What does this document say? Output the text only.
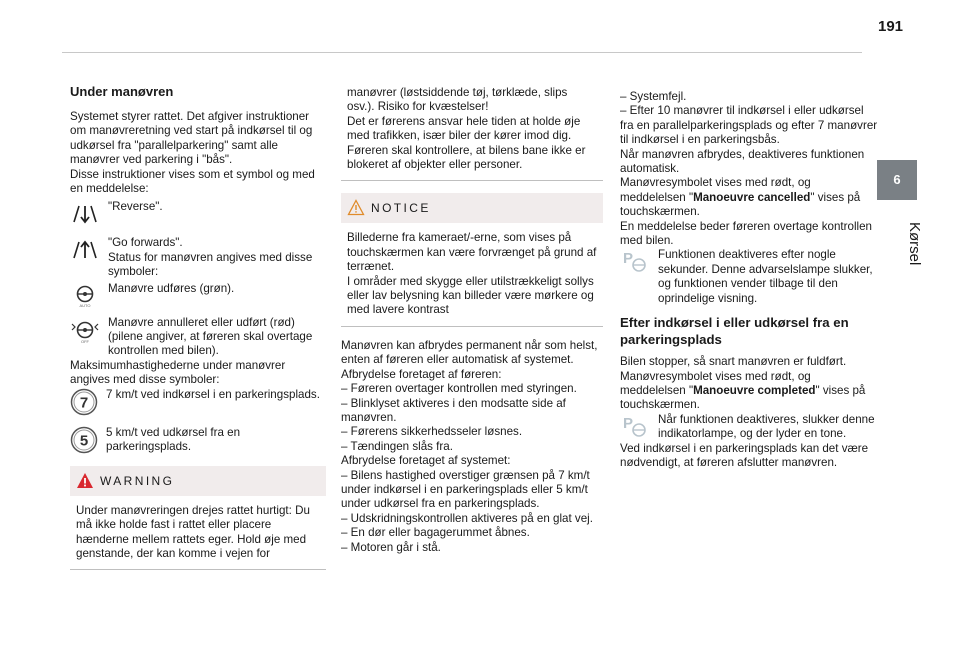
191
6
Kørsel
Under manøvren

Systemet styrer rattet. Det afgiver instruktioner om manøvreretning ved start på indkørsel til og udkørsel fra "parallelparkering" samt alle manøvrer ved parkering i "bås".

Disse instruktioner vises som et symbol og med en meddelelse:

"Reverse".

"Go forwards".

Status for manøvren angives med disse symboler:

AUTO

Manøvre udføres (grøn).

OFF

Manøvre annulleret eller udført (rød) (pilene angiver, at føreren skal overtage kontrollen med bilen).

Maksimumhastighederne under manøvrer angives med disse symboler:

7 7 km/t ved indkørsel i en parkeringsplads.

5 5 km/t ved udkørsel fra en parkeringsplads.

WARNING

Under manøvreringen drejes rattet hurtigt: Du må ikke holde fast i rattet eller placere hænderne mellem rattets eger. Hold øje med genstande, der kan komme i vejen for

manøvrer (løstsiddende tøj, tørklæde, slips osv.). Risiko for kvæstelser!

Det er førerens ansvar hele tiden at holde øje med trafikken, især biler der kører imod dig.

Føreren skal kontrollere, at bilens bane ikke er blokeret af objekter eller personer.

NOTICE

Billederne fra kameraet/-erne, som vises på touchskærmen kan være forvrænget på grund af terrænet.

I områder med skygge eller utilstrækkeligt sollys eller lav belysning kan billeder være mørkere og med lavere kontrast

Manøvren kan afbrydes permanent når som helst, enten af føreren eller automatisk af systemet.

Afbrydelse foretaget af føreren:

– Føreren overtager kontrollen med styringen.

– Blinklyset aktiveres i den modsatte side af manøvren.

– Førerens sikkerhedsseler løsnes.

– Tændingen slås fra.

Afbrydelse foretaget af systemet:

– Bilens hastighed overstiger grænsen på 7 km/t under indkørsel i en parkeringsplads eller 5 km/t under udkørsel fra en parkeringsplads.

– Udskridningskontrollen aktiveres på en glat vej.

– En dør eller bagagerummet åbnes.

– Motoren går i stå.

– Systemfejl.

– Efter 10 manøvrer til indkørsel i eller udkørsel fra en parallelparkeringsplads og efter 7 manøvrer til indkørsel i en parkeringsbås.

Når manøvren afbrydes, deaktiveres funktionen automatisk.

Manøvresymbolet vises med rødt, og meddelelsen "Manoeuvre cancelled" vises på touchskærmen.

En meddelelse beder føreren overtage kontrollen med bilen.

P Funktionen deaktiveres efter nogle sekunder. Denne advarselslampe slukker, og funktionen vender tilbage til den oprindelige visning.

Efter indkørsel i eller udkørsel fra en parkeringsplads

Bilen stopper, så snart manøvren er fuldført.

Manøvresymbolet vises med rødt, og meddelelsen "Manoeuvre completed" vises på touchskærmen.

P Når funktionen deaktiveres, slukker denne indikatorlampe, og der lyder en tone.

Ved indkørsel i en parkeringsplads kan det være nødvendigt, at føreren afslutter manøvren.
